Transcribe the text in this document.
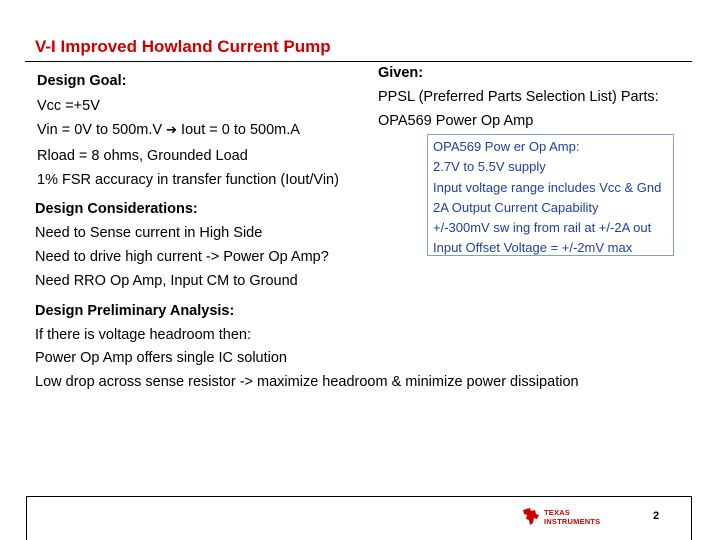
V-I Improved Howland Current Pump
Design Goal:
Vcc =+5V
Vin = 0V to 500m.V ➔ Iout = 0 to 500m.A
Rload = 8 ohms, Grounded Load
1% FSR accuracy in transfer function (Iout/Vin)
Given:
PPSL (Preferred Parts Selection List) Parts:
OPA569 Power Op Amp
OPA569 Pow er Op Amp:
2.7V to 5.5V supply
Input voltage range includes Vcc & Gnd
2A Output Current Capability
+/-300mV sw ing from rail at +/-2A out
Input Offset Voltage = +/-2mV max
Design Considerations:
Need to Sense current in High Side
Need to drive high current -> Power Op Amp?
Need RRO Op Amp, Input CM to Ground
Design Preliminary Analysis:
If there is voltage headroom then:
Power Op Amp offers single IC solution
Low drop across sense resistor -> maximize headroom & minimize power dissipation
TEXAS
INSTRUMENTS	2
